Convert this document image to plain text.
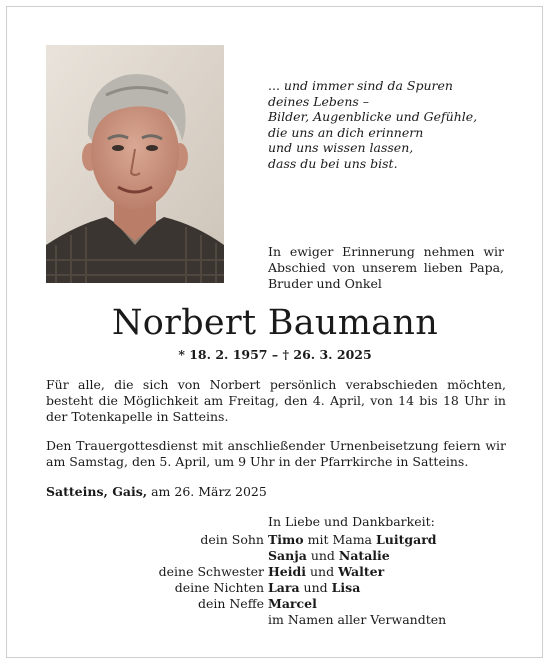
... und immer sind da Spuren
deines Lebens –
Bilder, Augenblicke und Gefühle,
die uns an dich erinnern
und uns wissen lassen,
dass du bei uns bist.
In ewiger Erinnerung nehmen wir
Abschied von unserem lieben Papa,
Bruder und Onkel
Norbert Baumann
* 18. 2. 1957 – † 26. 3. 2025
Für alle, die sich von Norbert persönlich verabschieden möchten, besteht die Möglichkeit am Freitag, den 4. April, von 14 bis 18 Uhr in der Totenkapelle in Satteins.
Den Trauergottesdienst mit anschließender Urnenbeisetzung feiern wir am Samstag, den 5. April, um 9 Uhr in der Pfarrkirche in Satteins.
Satteins, Gais, am 26. März 2025
In Liebe und Dankbarkeit:
dein Sohn Timo mit Mama Luitgard
Sanja und Natalie
deine Schwester Heidi und Walter
deine Nichten Lara und Lisa
dein Neffe Marcel
im Namen aller Verwandten
